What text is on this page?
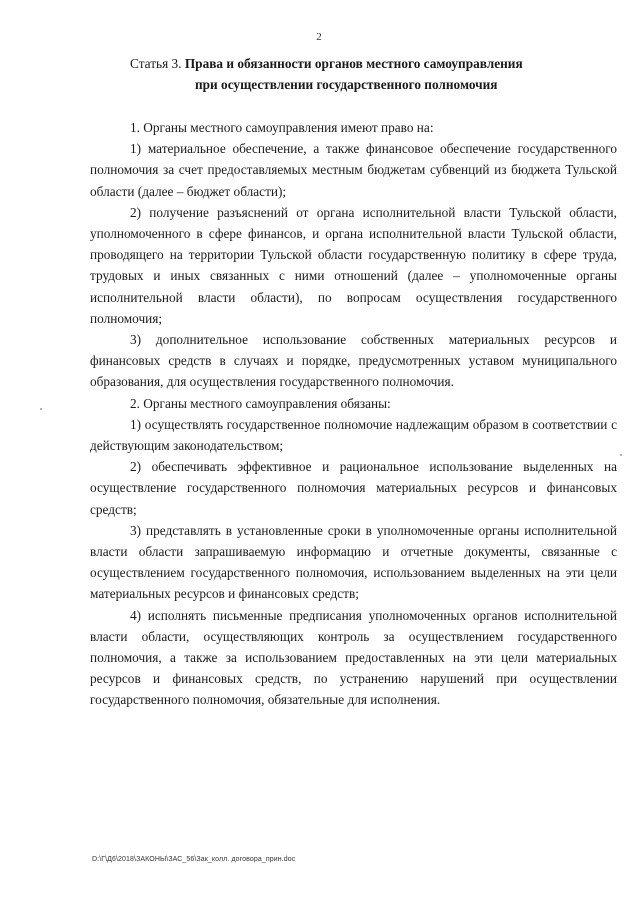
2
Статья 3. Права и обязанности органов местного самоуправления
при осуществлении государственного полномочия

1. Органы местного самоуправления имеют право на:

1) материальное обеспечение, а также финансовое обеспечение государственного полномочия за счет предоставляемых местным бюджетам субвенций из бюджета Тульской области (далее – бюджет области);

2) получение разъяснений от органа исполнительной власти Тульской области, уполномоченного в сфере финансов, и органа исполнительной власти Тульской области, проводящего на территории Тульской области государственную политику в сфере труда, трудовых и иных связанных с ними отношений (далее – уполномоченные органы исполнительной власти области), по вопросам осуществления государственного полномочия;

3) дополнительное использование собственных материальных ресурсов и финансовых средств в случаях и порядке, предусмотренных уставом муниципального образования, для осуществления государственного полномочия.

2. Органы местного самоуправления обязаны:

1) осуществлять государственное полномочие надлежащим образом в соответствии с действующим законодательством;

2) обеспечивать эффективное и рациональное использование выделенных на осуществление государственного полномочия материальных ресурсов и финансовых средств;

3) представлять в установленные сроки в уполномоченные органы исполнительной власти области запрашиваемую информацию и отчетные документы, связанные с осуществлением государственного полномочия, использованием выделенных на эти цели материальных ресурсов и финансовых средств;

4) исполнять письменные предписания уполномоченных органов исполнительной власти области, осуществляющих контроль за осуществлением государственного полномочия, а также за использованием предоставленных на эти цели материальных ресурсов и финансовых средств, по устранению нарушений при осуществлении государственного полномочия, обязательные для исполнения.

D:\Г\Д6\2018\ЗАКОНЫ\ЗАС_56\Зак_колл. договора_прин.doc
